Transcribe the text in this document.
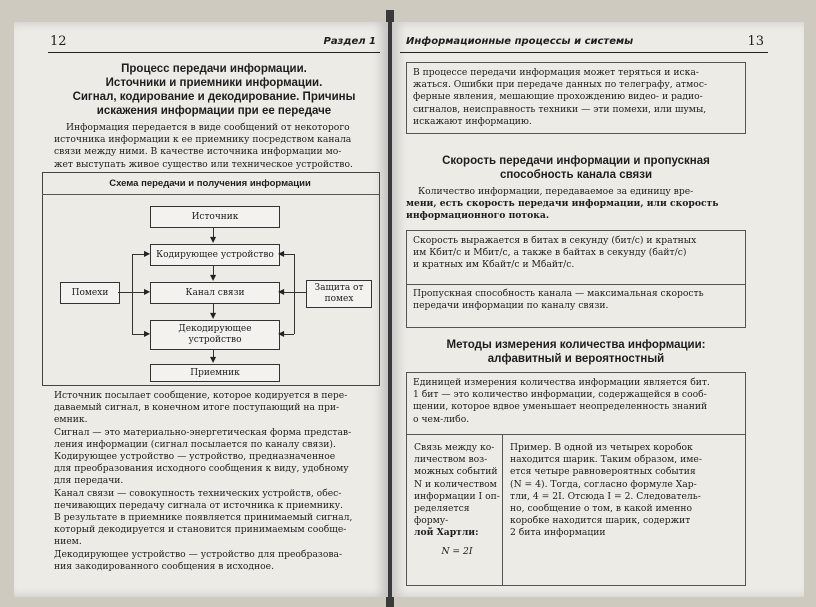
12	Раздел 1
Процесс передачи информации.
Источники и приемники информации.
Сигнал, кодирование и декодирование. Причины
искажения информации при ее передаче
Информация передается в виде сообщений от некоторого
источника информации к ее приемнику посредством канала
связи между ними. В качестве источника информации мо-
жет выступать живое существо или техническое устройство.
Схема передачи и получения информации
Источник
▼
Кодирующее устройство
▼
Канал связи
▼
Декодирующее
устройство
▼
Приемник
Помехи
▶
▶
▶
Защита от
помех
◀
◀
◀
Источник посылает сообщение, которое кодируется в пере-
даваемый сигнал, в конечном итоге поступающий на при-
емник.
Сигнал — это материально-энергетическая форма представ-
ления информации (сигнал посылается по каналу связи).
Кодирующее устройство — устройство, предназначенное
для преобразования исходного сообщения к виду, удобному
для передачи.
Канал связи — совокупность технических устройств, обес-
печивающих передачу сигнала от источника к приемнику.
В результате в приемнике появляется принимаемый сигнал,
который декодируется и становится принимаемым сообще-
нием.
Декодирующее устройство — устройство для преобразова-
ния закодированного сообщения в исходное.
Информационные процессы и системы	13
В процессе передачи информация может теряться и иска-
жаться. Ошибки при передаче данных по телеграфу, атмос-
ферные явления, мешающие прохождению видео- и радио-
сигналов, неисправность техники — эти помехи, или шумы,
искажают информацию.
Скорость передачи информации и пропускная
способность канала связи
Количество информации, передаваемое за единицу вре-
мени, есть скорость передачи информации, или скорость
информационного потока.
Скорость выражается в битах в секунду (бит/с) и кратных
им Кбит/с и Мбит/с, а также в байтах в секунду (байт/с)
и кратных им Кбайт/с и Мбайт/с.
Пропускная способность канала — максимальная скорость
передачи информации по каналу связи.
Методы измерения количества информации:
алфавитный и вероятностный
Единицей измерения количества информации является бит.
1 бит — это количество информации, содержащейся в сооб-
щении, которое вдвое уменьшает неопределенность знаний
о чем-либо.
Связь между ко-
личеством воз-
можных событий
N и количеством
информации I оп-
ределяется форму-
лой Хартли:
N = 2I
Пример. В одной из четырех коробок
находится шарик. Таким образом, име-
ется четыре равновероятных события
(N = 4). Тогда, согласно формуле Хар-
тли, 4 = 2I. Отсюда I = 2. Следователь-
но, сообщение о том, в какой именно
коробке находится шарик, содержит
2 бита информации
